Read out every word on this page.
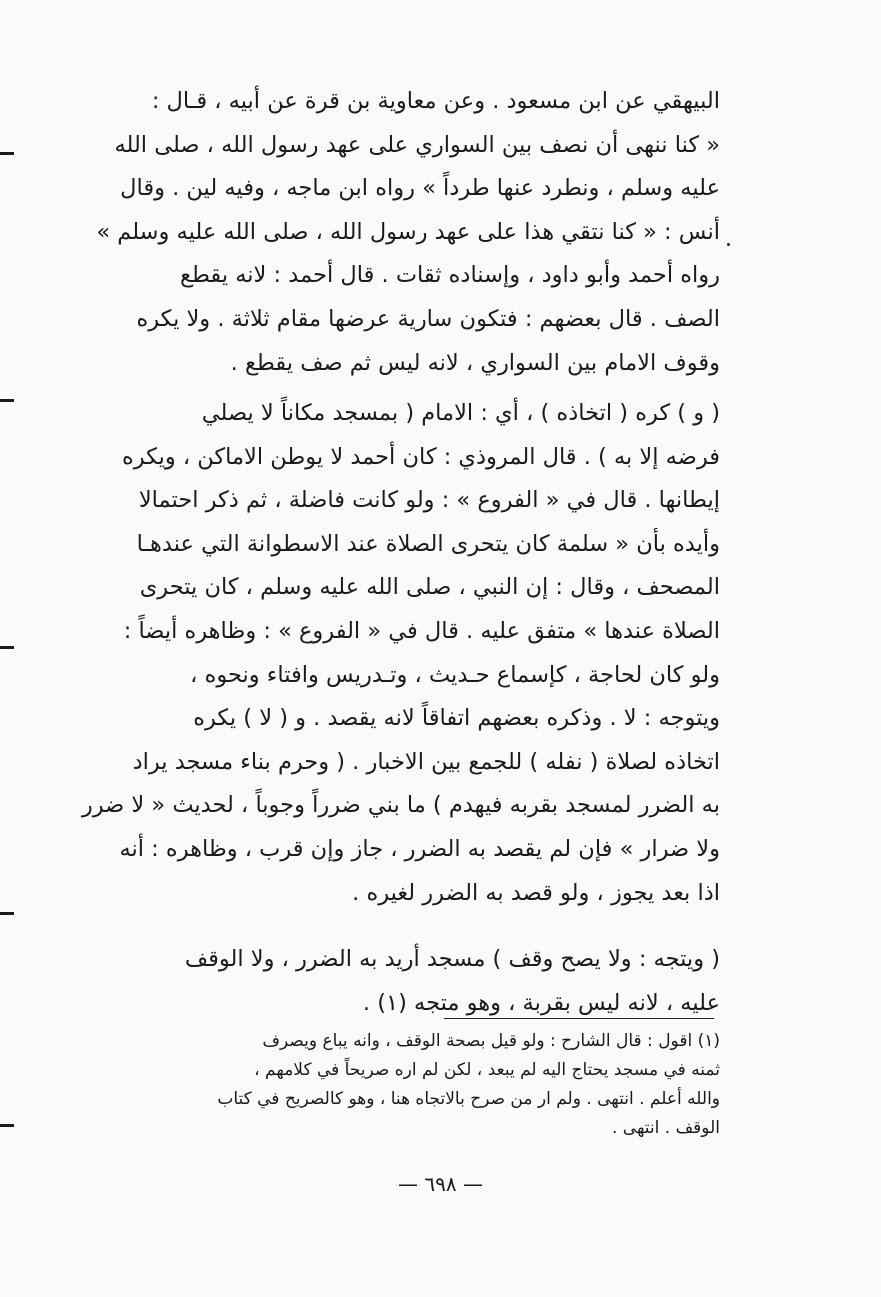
البيهقي عن ابن مسعود . وعن معاوية بن قرة عن أبيه ، قـال :
« كنا ننهى أن نصف بين السواري على عهد رسول الله ، صلى الله
عليه وسلم ، ونطرد عنها طرداً » رواه ابن ماجه ، وفيه لين . وقال
أنس : « كنا نتقي هذا على عهد رسول الله ، صلى الله عليه وسلم »
رواه أحمد وأبو داود ، وإسناده ثقات . قال أحمد : لانه يقطع
الصف . قال بعضهم : فتكون سارية عرضها مقام ثلاثة . ولا يكره
وقوف الامام بين السواري ، لانه ليس ثم صف يقطع .
( و ) كره ( اتخاذه ) ، أي : الامام ( بمسجد مكاناً لا يصلي
فرضه إلا به ) . قال المروذي : كان أحمد لا يوطن الاماكن ، ويكره
إيطانها . قال في « الفروع » : ولو كانت فاضلة ، ثم ذكر احتمالا
وأيده بأن « سلمة كان يتحرى الصلاة عند الاسطوانة التي عندهـا
المصحف ، وقال : إن النبي ، صلى الله عليه وسلم ، كان يتحرى
الصلاة عندها » متفق عليه . قال في « الفروع » : وظاهره أيضاً :
ولو كان لحاجة ، كإسماع حـديث ، وتـدريس وافتاء ونحوه ،
ويتوجه : لا . وذكره بعضهم اتفاقاً لانه يقصد . و ( لا ) يكره
اتخاذه لصلاة ( نفله ) للجمع بين الاخبار . ( وحرم بناء مسجد يراد
به الضرر لمسجد بقربه فيهدم ) ما بني ضرراً وجوباً ، لحديث « لا ضرر
ولا ضرار » فإن لم يقصد به الضرر ، جاز وإن قرب ، وظاهره : أنه
اذا بعد يجوز ، ولو قصد به الضرر لغيره .
( ويتجه : ولا يصح وقف ) مسجد أريد به الضرر ، ولا الوقف
عليه ، لانه ليس بقربة ، وهو متجه (١) .
(١) اقول : قال الشارح : ولو قيل بصحة الوقف ، وانه يباع ويصرف
ثمنه في مسجد يحتاج اليه لم يبعد ، لكن لم اره صريحاً في كلامهم ،
والله أعلم . انتهى . ولم ار من صرح بالاتجاه هنا ، وهو كالصريح في كتاب
الوقف . انتهى .
— ٦٩٨ —
